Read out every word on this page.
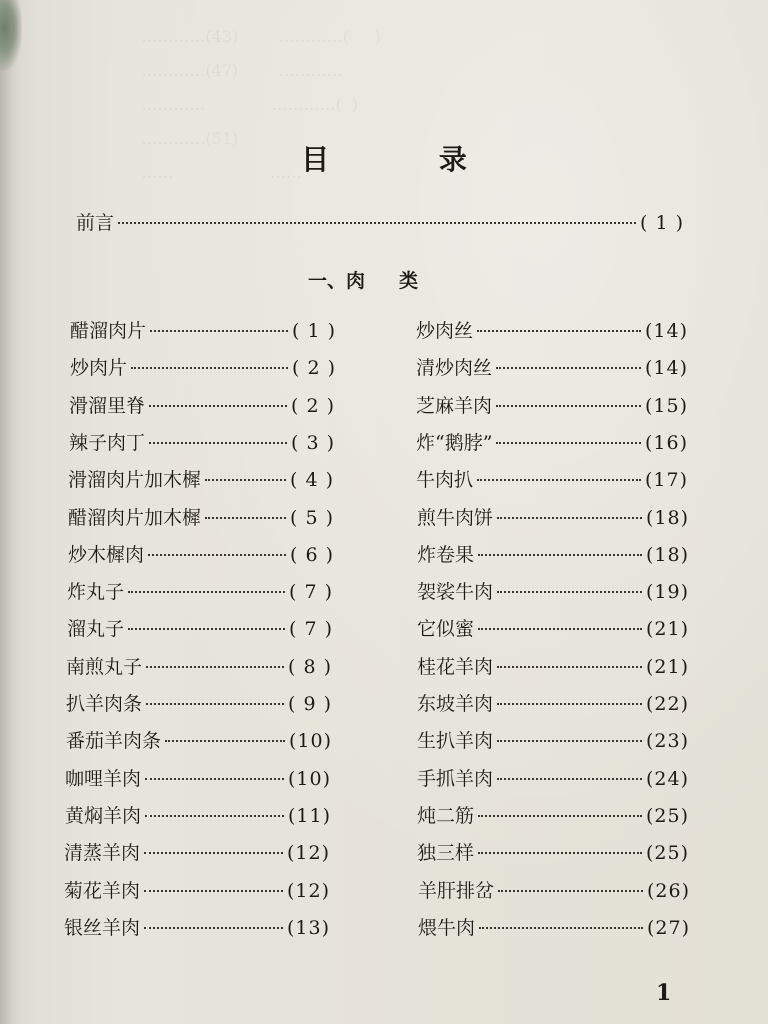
…………(43)        …………(     )
…………(47)        …………
…………             …………(  )
…………(51)
……                   …… 目 录
前言	( 1 )
一、肉 类
醋溜肉片	( 1 )
炒肉片	( 2 )
滑溜里脊	( 2 )
辣子肉丁	( 3 )
滑溜肉片加木樨	( 4 )
醋溜肉片加木樨	( 5 )
炒木樨肉	( 6 )
炸丸子	( 7 )
溜丸子	( 7 )
南煎丸子	( 8 )
扒羊肉条	( 9 )
番茄羊肉条	(10)
咖哩羊肉	(10)
黄焖羊肉	(11)
清蒸羊肉	(12)
菊花羊肉	(12)
银丝羊肉	(13)
炒肉丝	(14)
清炒肉丝	(14)
芝麻羊肉	(15)
炸“鹅脖”	(16)
牛肉扒	(17)
煎牛肉饼	(18)
炸卷果	(18)
袈裟牛肉	(19)
它似蜜	(21)
桂花羊肉	(21)
东坡羊肉	(22)
生扒羊肉	(23)
手抓羊肉	(24)
炖二筋	(25)
独三样	(25)
羊肝排岔	(26)
煨牛肉	(27)
1
